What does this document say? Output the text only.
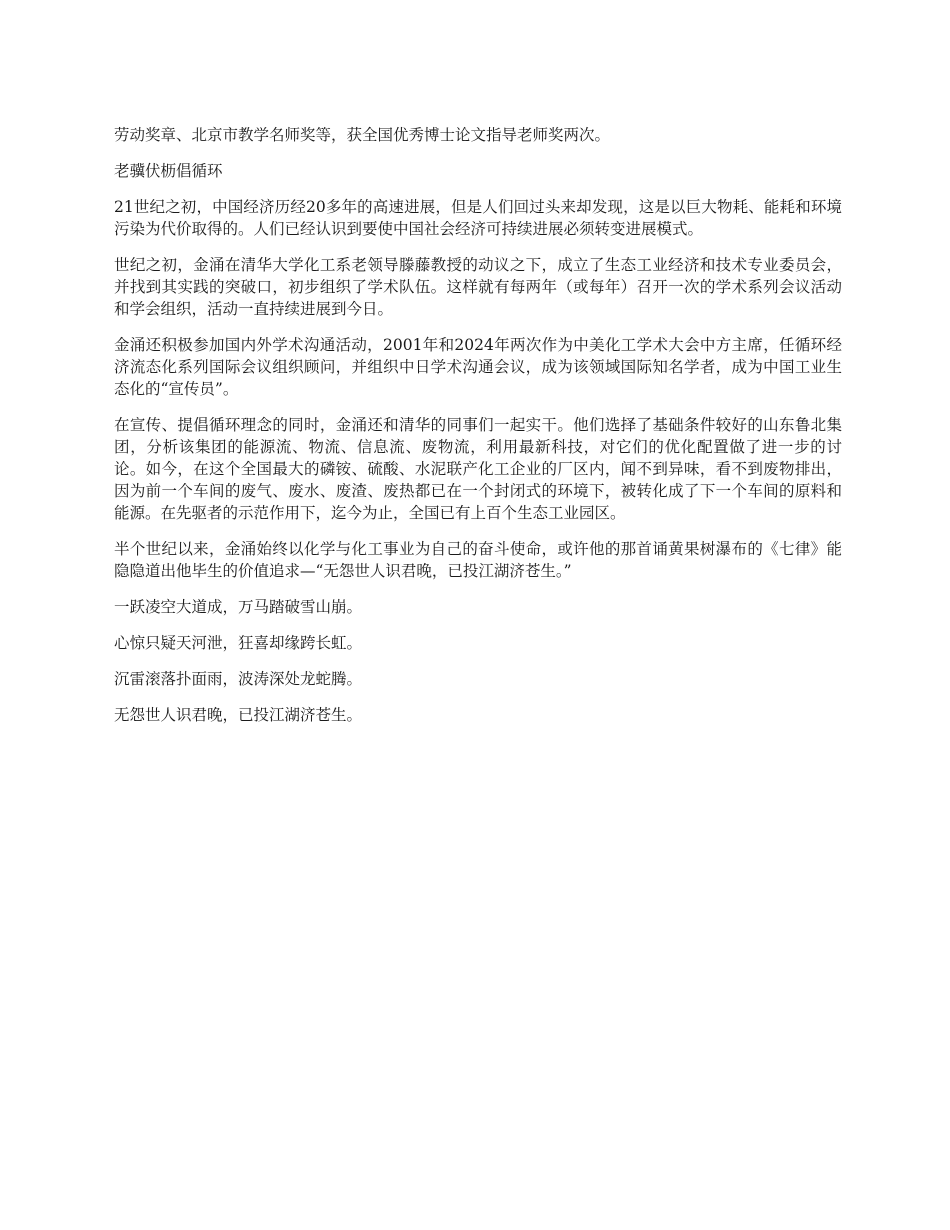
劳动奖章、北京市教学名师奖等，获全国优秀博士论文指导老师奖两次。

老骥伏枥倡循环

21世纪之初，中国经济历经20多年的高速进展，但是人们回过头来却发现，这是以巨大物耗、能耗和环境污染为代价取得的。人们已经认识到要使中国社会经济可持续进展必须转变进展模式。

世纪之初，金涌在清华大学化工系老领导滕藤教授的动议之下，成立了生态工业经济和技术专业委员会，并找到其实践的突破口，初步组织了学术队伍。这样就有每两年（或每年）召开一次的学术系列会议活动和学会组织，活动一直持续进展到今日。

金涌还积极参加国内外学术沟通活动，2001年和2024年两次作为中美化工学术大会中方主席，任循环经济流态化系列国际会议组织顾问，并组织中日学术沟通会议，成为该领域国际知名学者，成为中国工业生态化的“宣传员”。

在宣传、提倡循环理念的同时，金涌还和清华的同事们一起实干。他们选择了基础条件较好的山东鲁北集团，分析该集团的能源流、物流、信息流、废物流，利用最新科技，对它们的优化配置做了进一步的讨论。如今，在这个全国最大的磷铵、硫酸、水泥联产化工企业的厂区内，闻不到异味，看不到废物排出，因为前一个车间的废气、废水、废渣、废热都已在一个封闭式的环境下，被转化成了下一个车间的原料和能源。在先驱者的示范作用下，迄今为止，全国已有上百个生态工业园区。

半个世纪以来，金涌始终以化学与化工事业为自己的奋斗使命，或许他的那首诵黄果树瀑布的《七律》能隐隐道出他毕生的价值追求—“无怨世人识君晚，已投江湖济苍生。”

一跃凌空大道成，万马踏破雪山崩。

心惊只疑天河泄，狂喜却缘跨长虹。

沉雷滚落扑面雨，波涛深处龙蛇腾。

无怨世人识君晚，已投江湖济苍生。
